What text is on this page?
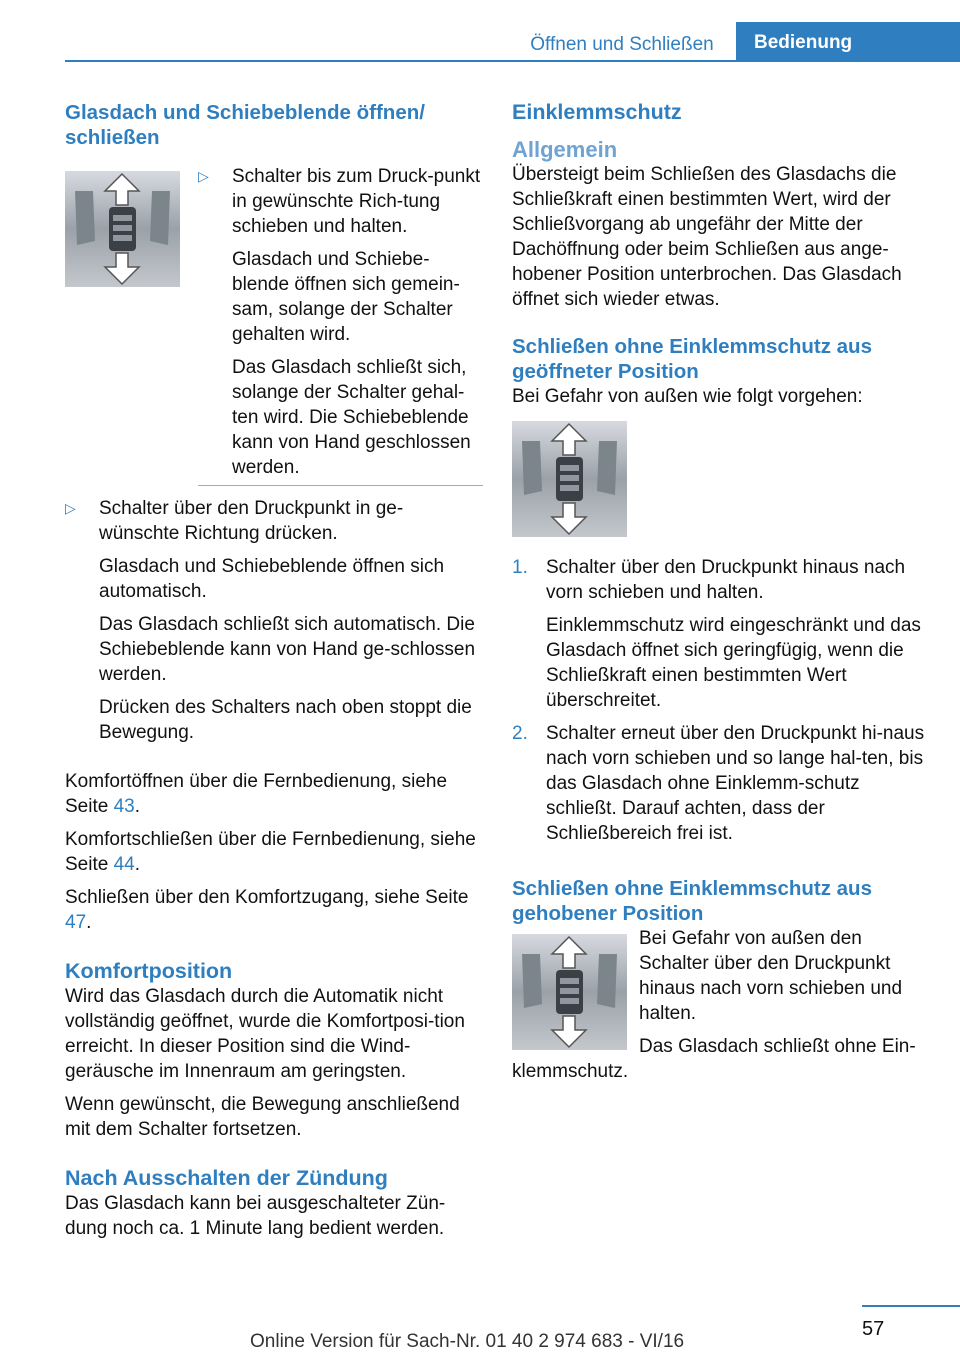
Öffnen und Schließen	Bedienung
Glasdach und Schiebeblende öffnen/ schließen
▷	Schalter bis zum Druck-punkt in gewünschte Rich-tung schieben und halten.

Glasdach und Schiebe-blende öffnen sich gemein-sam, solange der Schalter gehalten wird.

Das Glasdach schließt sich, solange der Schalter gehal-ten wird. Die Schiebeblende kann von Hand geschlossen werden.

▷	Schalter über den Druckpunkt in ge-wünschte Richtung drücken.

Glasdach und Schiebeblende öffnen sich automatisch.

Das Glasdach schließt sich automatisch. Die Schiebeblende kann von Hand ge-schlossen werden.

Drücken des Schalters nach oben stoppt die Bewegung.

Komfortöffnen über die Fernbedienung, siehe Seite 43.

Komfortschließen über die Fernbedienung, siehe Seite 44.

Schließen über den Komfortzugang, siehe Seite 47.

Komfortposition

Wird das Glasdach durch die Automatik nicht vollständig geöffnet, wurde die Komfortposi-tion erreicht. In dieser Position sind die Wind-geräusche im Innenraum am geringsten.

Wenn gewünscht, die Bewegung anschließend mit dem Schalter fortsetzen.

Nach Ausschalten der Zündung

Das Glasdach kann bei ausgeschalteter Zün-dung noch ca. 1 Minute lang bedient werden.

Einklemmschutz
Allgemein

Übersteigt beim Schließen des Glasdachs die Schließkraft einen bestimmten Wert, wird der Schließvorgang ab ungefähr der Mitte der Dachöffnung oder beim Schließen aus ange-hobener Position unterbrochen. Das Glasdach öffnet sich wieder etwas.

Schließen ohne Einklemmschutz aus geöffneter Position

Bei Gefahr von außen wie folgt vorgehen:

1. Schalter über den Druckpunkt hinaus nach vorn schieben und halten.

Einklemmschutz wird eingeschränkt und das Glasdach öffnet sich geringfügig, wenn die Schließkraft einen bestimmten Wert überschreitet.

2. Schalter erneut über den Druckpunkt hi-naus nach vorn schieben und so lange hal-ten, bis das Glasdach ohne Einklemm-schutz schließt. Darauf achten, dass der Schließbereich frei ist.

Schließen ohne Einklemmschutz aus gehobener Position

Bei Gefahr von außen den Schalter über den Druckpunkt hinaus nach vorn schieben und halten.

Das Glasdach schließt ohne Ein-

klemmschutz.

57
Online Version für Sach-Nr. 01 40 2 974 683 - VI/16
